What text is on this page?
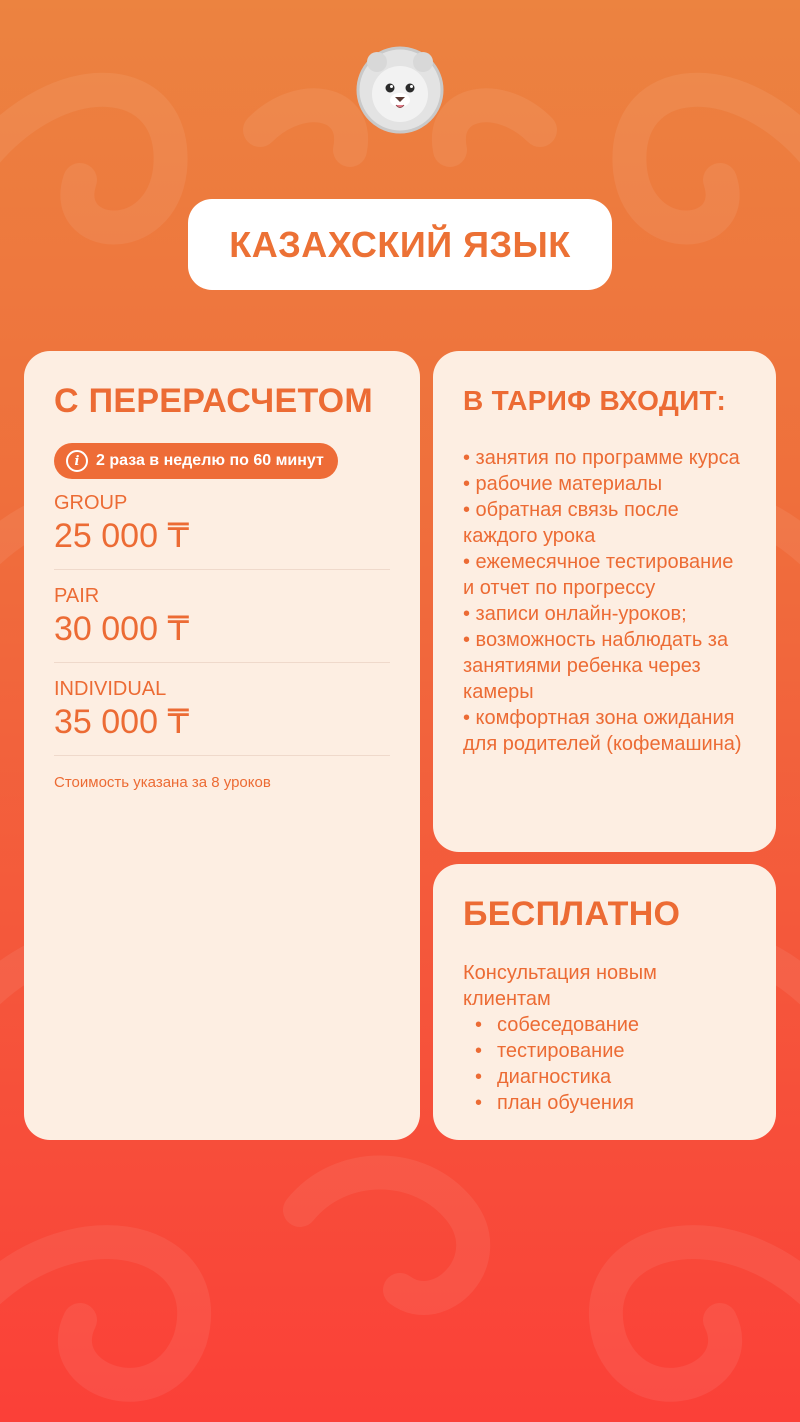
КАЗАХСКИЙ ЯЗЫК
С ПЕРЕРАСЧЕТОМ
i	2 раза в неделю по 60 минут
GROUP
25 000 ₸
PAIR
30 000 ₸
INDIVIDUAL
35 000 ₸
Стоимость указана за 8 уроков
В ТАРИФ ВХОДИТ:
• занятия по программе курса
• рабочие материалы
• обратная связь после каждого урока
• ежемесячное тестирование и отчет по прогрессу
• записи онлайн-уроков;
• возможность наблюдать за занятиями ребенка через камеры
• комфортная зона ожидания для родителей (кофемашина)
БЕСПЛАТНО
Консультация новым клиентам
• собеседование
• тестирование
• диагностика
• план обучения
